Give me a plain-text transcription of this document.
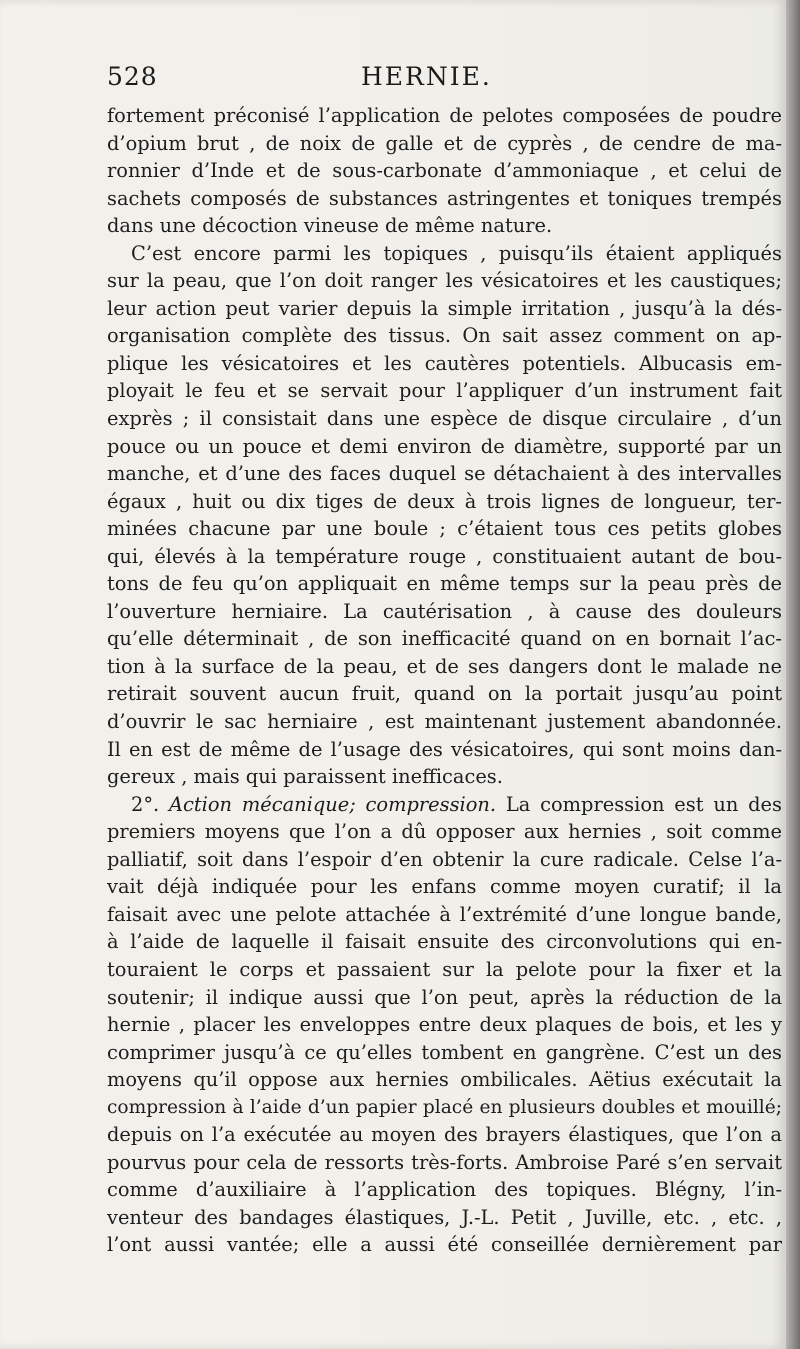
528	HERNIE.
fortement préconisé l’application de pelotes composées de poudre
d’opium brut , de noix de galle et de cyprès , de cendre de ma-
ronnier d’Inde et de sous-carbonate d’ammoniaque , et celui de
sachets composés de substances astringentes et toniques trempés
dans une décoction vineuse de même nature.
C’est encore parmi les topiques , puisqu’ils étaient appliqués
sur la peau, que l’on doit ranger les vésicatoires et les caustiques;
leur action peut varier depuis la simple irritation , jusqu’à la dés-
organisation complète des tissus. On sait assez comment on ap-
plique les vésicatoires et les cautères potentiels. Albucasis em-
ployait le feu et se servait pour l’appliquer d’un instrument fait
exprès ; il consistait dans une espèce de disque circulaire , d’un
pouce ou un pouce et demi environ de diamètre, supporté par un
manche, et d’une des faces duquel se détachaient à des intervalles
égaux , huit ou dix tiges de deux à trois lignes de longueur, ter-
minées chacune par une boule ; c’étaient tous ces petits globes
qui, élevés à la température rouge , constituaient autant de bou-
tons de feu qu’on appliquait en même temps sur la peau près de
l’ouverture herniaire. La cautérisation , à cause des douleurs
qu’elle déterminait , de son inefficacité quand on en bornait l’ac-
tion à la surface de la peau, et de ses dangers dont le malade ne
retirait souvent aucun fruit, quand on la portait jusqu’au point
d’ouvrir le sac herniaire , est maintenant justement abandonnée.
Il en est de même de l’usage des vésicatoires, qui sont moins dan-
gereux , mais qui paraissent inefficaces.
2°. Action mécanique; compression. La compression est un des
premiers moyens que l’on a dû opposer aux hernies , soit comme
palliatif, soit dans l’espoir d’en obtenir la cure radicale. Celse l’a-
vait déjà indiquée pour les enfans comme moyen curatif; il la
faisait avec une pelote attachée à l’extrémité d’une longue bande,
à l’aide de laquelle il faisait ensuite des circonvolutions qui en-
touraient le corps et passaient sur la pelote pour la fixer et la
soutenir; il indique aussi que l’on peut, après la réduction de la
hernie , placer les enveloppes entre deux plaques de bois, et les y
comprimer jusqu’à ce qu’elles tombent en gangrène. C’est un des
moyens qu’il oppose aux hernies ombilicales. Aëtius exécutait la
compression à l’aide d’un papier placé en plusieurs doubles et mouillé;
depuis on l’a exécutée au moyen des brayers élastiques, que l’on a
pourvus pour cela de ressorts très-forts. Ambroise Paré s’en servait
comme d’auxiliaire à l’application des topiques. Blégny, l’in-
venteur des bandages élastiques, J.-L. Petit , Juville, etc. , etc. ,
l’ont aussi vantée; elle a aussi été conseillée dernièrement par
